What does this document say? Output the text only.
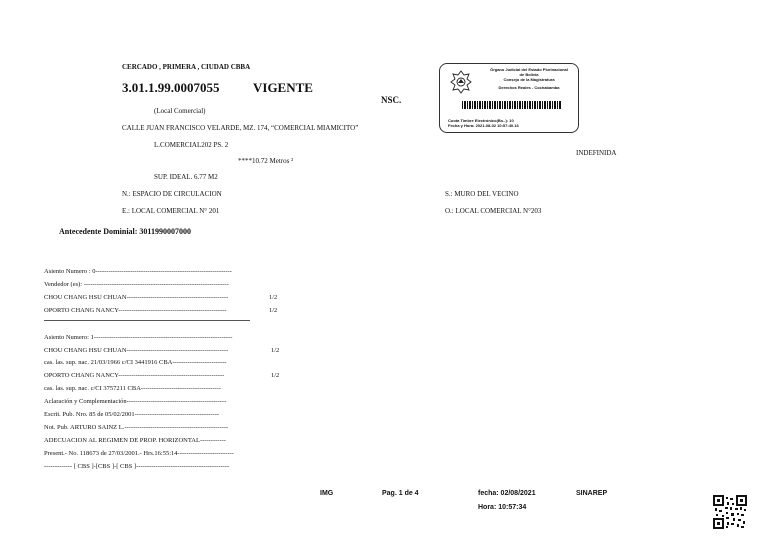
CERCADO , PRIMERA , CIUDAD CBBA
3.01.1.99.0007055	VIGENTE
NSC.
(Local Comercial)
CALLE JUAN FRANCISCO VELARDE, MZ. 174, “COMERCIAL MIAMICITO”
L.COMERCIAL202 PS. 2
INDEFINIDA
****10.72 Metros ²
SUP. IDEAL. 6.77 M2
N.: ESPACIO DE CIRCULACION	S.: MURO DEL VECINO
E.: LOCAL COMERCIAL N° 201	O.: LOCAL COMERCIAL N°203
Órgano Judicial del Estado Plurinacional
de Bolivia
Consejo de la Magistratura
Derechos Reales - Cochabamba
Cuota Timbre Electrónico(Bs.-): 10
Fecha y Hora: 2021-08-02 10:57:40.16
Antecedente Dominial: 3011990007000
Asiento Numero : 0---------------------------------------------------------------
Vendedor (es): -------------------------------------------------------------------
CHOU CHANG HSU CHUAN-----------------------------------------------	1/2
OPORTO CHANG NANCY--------------------------------------------------	1/2
Asiento Numero: 1----------------------------------------------------------------
CHOU CHANG HSU CHUAN-----------------------------------------------	1/2
cas. las. sup. nac. 21/03/1966 c/CI 3441916 CBA-------------------------
OPORTO CHANG NANCY-------------------------------------------------	1/2
cas. las. sup. nac. c/CI 3757211 CBA-------------------------------------
Aclaración y Complementación----------------------------------------------
Escrit. Pub. Nro. 85 de 05/02/2001---------------------------------------
Not. Pub. ARTURO SAINZ L.------------------------------------------------
ADECUACION AL REGIMEN DE PROP. HORIZONTAL------------
Present.- No. 118673 de 27/03/2001.- Hrs.16:55:14--------------------------
------------- [ CBS ]-[CBS ]-[ CBS ]-------------------------------------------
IMG	Pag. 1 de 4	fecha: 02/08/2021	SINAREP
Hora: 10:57:34
